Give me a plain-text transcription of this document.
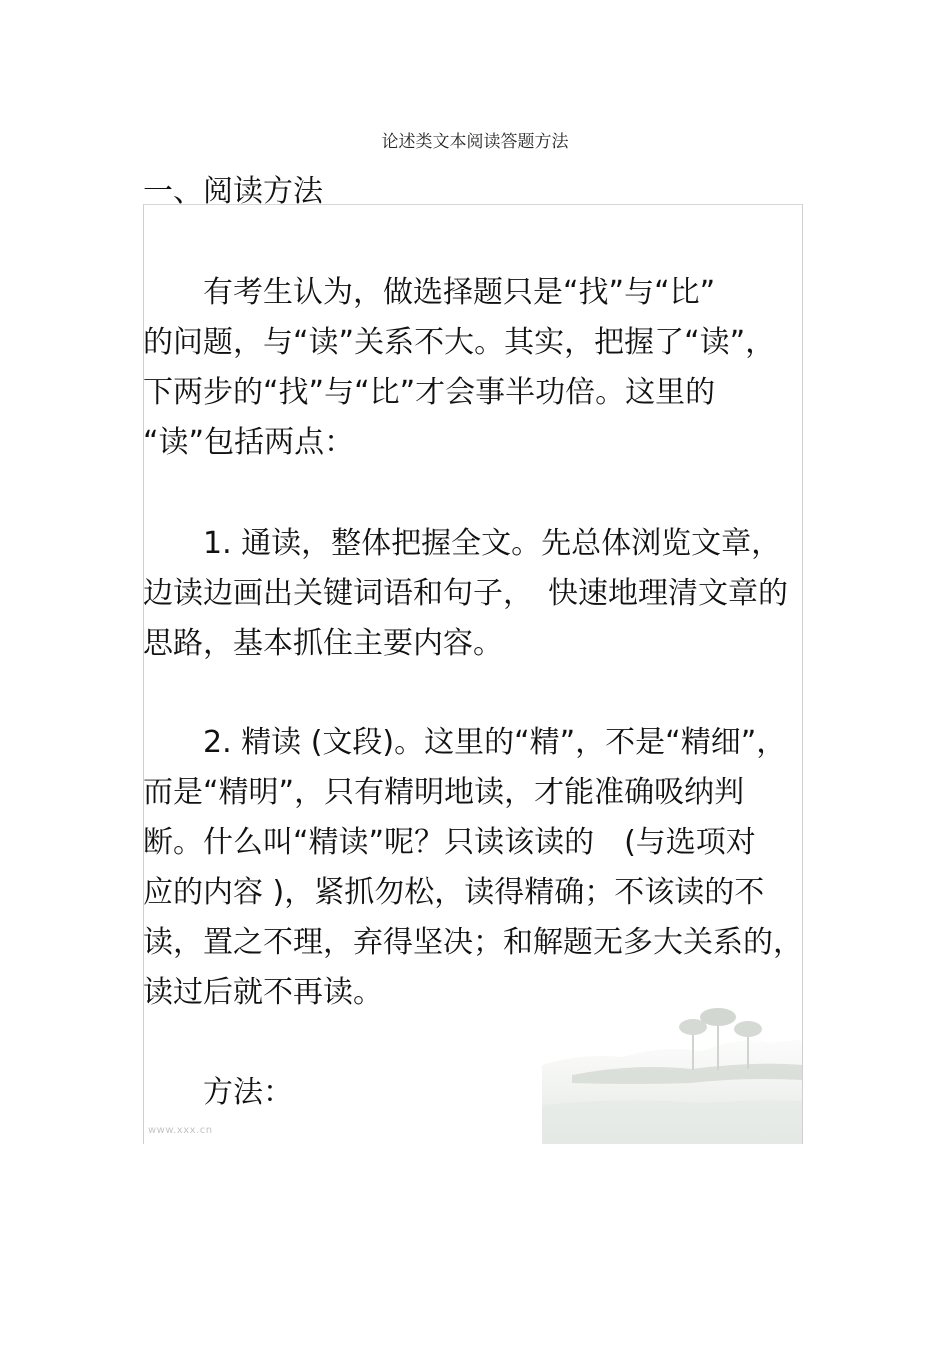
论述类文本阅读答题方法
一、阅读方法
www.xxx.cn
　　有考生认为，做选择题只是“找”与“比”
的问题，与“读”关系不大。其实，把握了“读”，
下两步的“找”与“比”才会事半功倍。这里的
“读”包括两点：
　　1. 通读，整体把握全文。先总体浏览文章，
边读边画出关键词语和句子，　快速地理清文章的
思路，基本抓住主要内容。
　　2. 精读 (文段)。这里的“精”，不是“精细”，
而是“精明”，只有精明地读，才能准确吸纳判
断。什么叫“精读”呢？只读该读的　(与选项对
应的内容 )，紧抓勿松，读得精确；不该读的不
读，置之不理，弃得坚决；和解题无多大关系的，
读过后就不再读。
　　方法：
